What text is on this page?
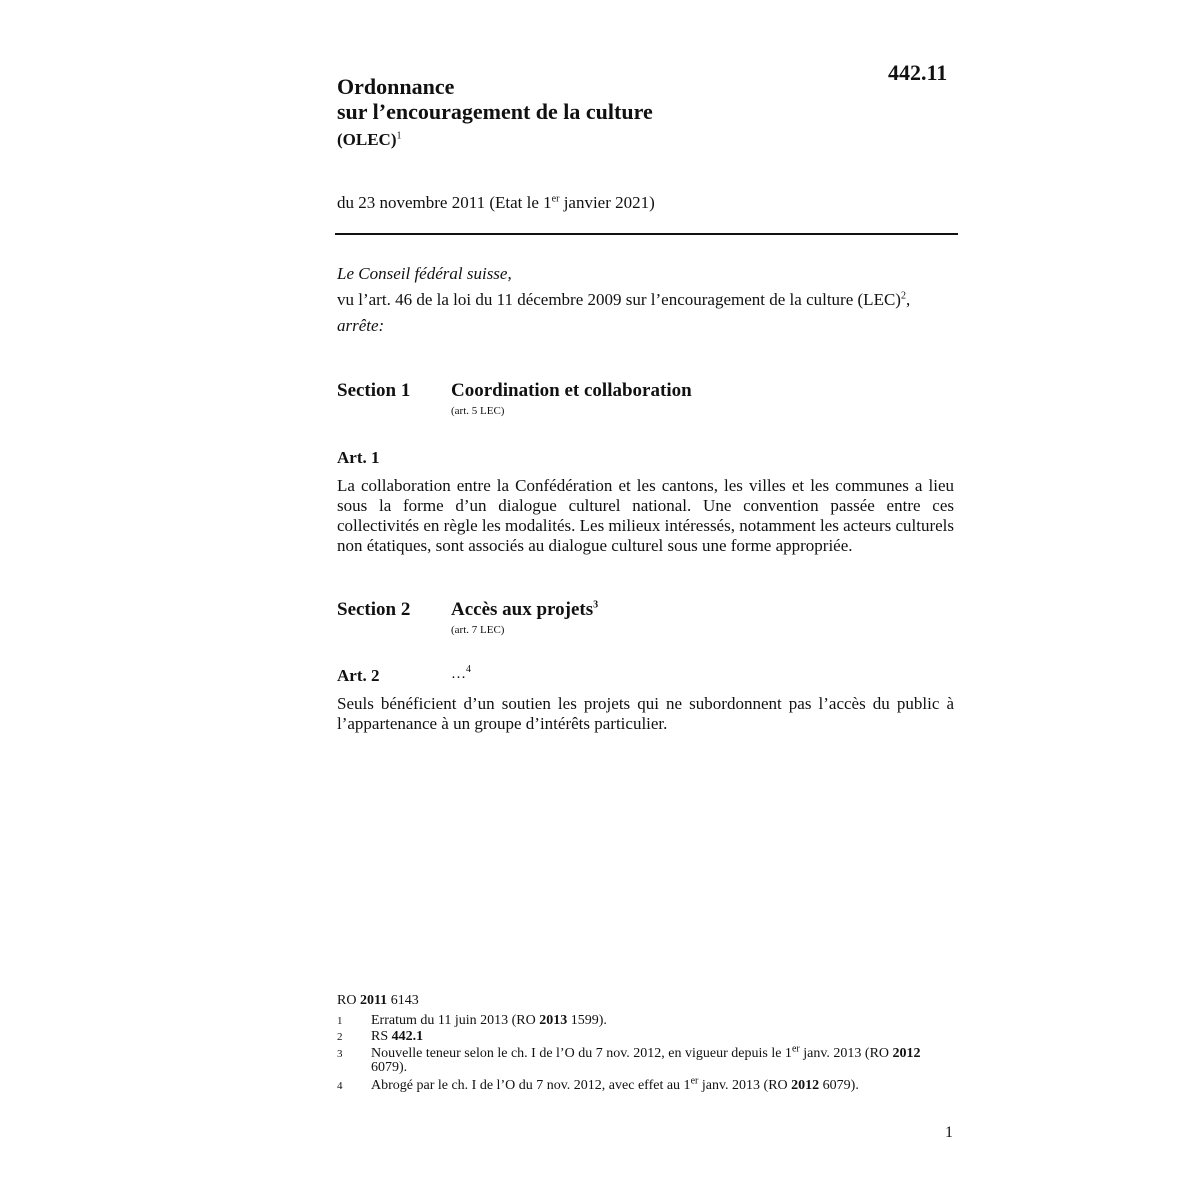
442.11
Ordonnance
sur l’encouragement de la culture
(OLEC)$^1$
du 23 novembre 2011 (Etat le 1er janvier 2021)
Le Conseil fédéral suisse,
vu l’art. 46 de la loi du 11 décembre 2009 sur l’encouragement de la culture (LEC)$^2$,
arrête:
Section 1 Coordination et collaboration
(art. 5 LEC)
Art. 1
La collaboration entre la Confédération et les cantons, les villes et les communes a lieu sous la forme d’un dialogue culturel national. Une convention passée entre ces collectivités en règle les modalités. Les milieux intéressés, notamment les acteurs culturels non étatiques, sont associés au dialogue culturel sous une forme appropriée.
Section 2 Accès aux projets$^3$
(art. 7 LEC)
Art. 2	…$^4$
Seuls bénéficient d’un soutien les projets qui ne subordonnent pas l’accès du public à l’appartenance à un groupe d’intérêts particulier.
RO 2011 6143
1 Erratum du 11 juin 2013 (RO 2013 1599).
2 RS 442.1
3 Nouvelle teneur selon le ch. I de l’O du 7 nov. 2012, en vigueur depuis le 1er janv. 2013 (RO 2012 6079).
4 Abrogé par le ch. I de l’O du 7 nov. 2012, avec effet au 1er janv. 2013 (RO 2012 6079).
1
